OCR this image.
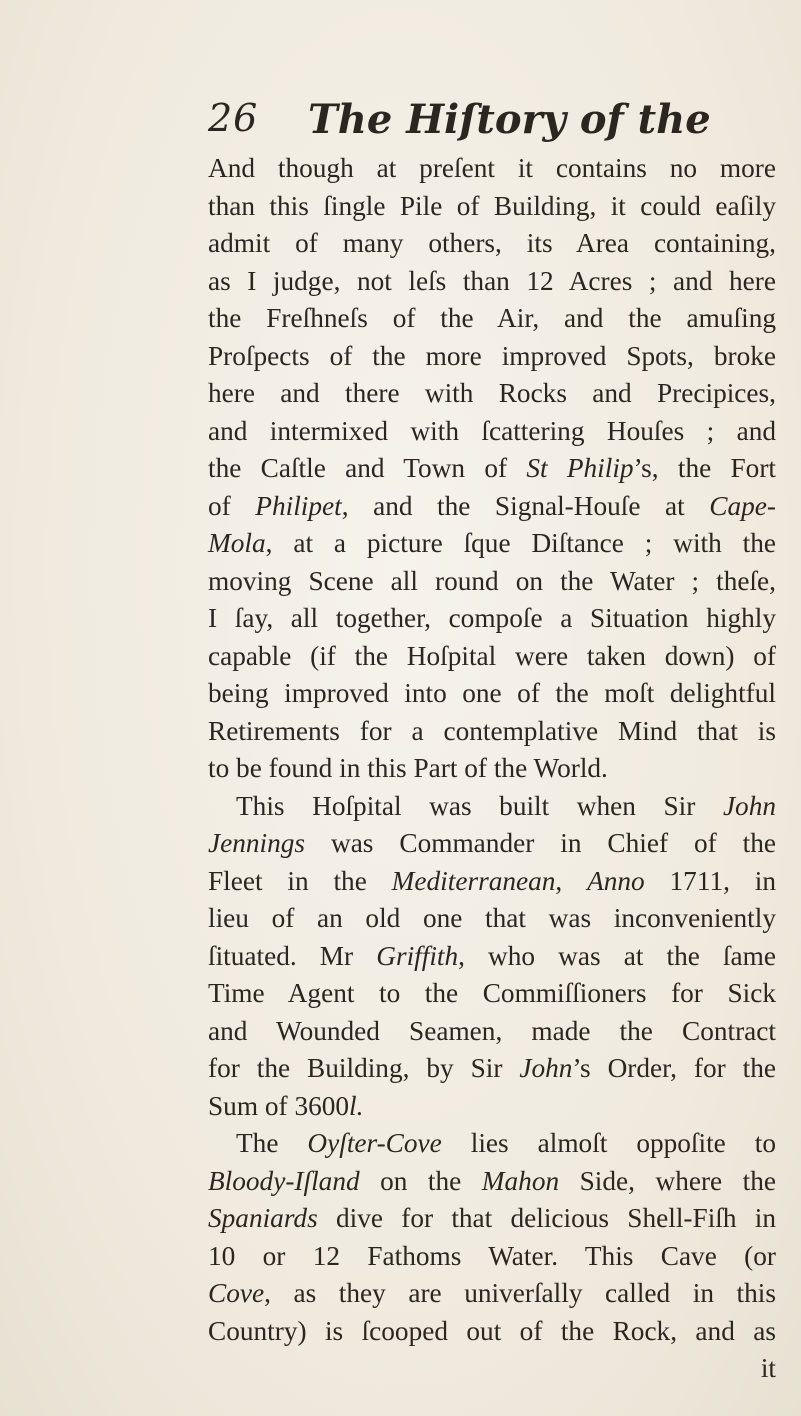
26 The Hiſtory of the
And though at preſent it contains no more
than this ſingle Pile of Building, it could eaſily
admit of many others, its Area containing,
as I judge, not leſs than 12 Acres ; and here
the Freſhneſs of the Air, and the amuſing
Proſpects of the more improved Spots, broke
here and there with Rocks and Precipices,
and intermixed with ſcattering Houſes ; and
the Caſtle and Town of St Philip’s, the Fort
of Philipet, and the Signal-Houſe at Cape-
Mola, at a picture ſque Diſtance ; with the
moving Scene all round on the Water ; theſe,
I ſay, all together, compoſe a Situation highly
capable (if the Hoſpital were taken down) of
being improved into one of the moſt delightful
Retirements for a contemplative Mind that is
to be found in this Part of the World.
This Hoſpital was built when Sir John
Jennings was Commander in Chief of the
Fleet in the Mediterranean, Anno 1711, in
lieu of an old one that was inconveniently
ſituated. Mr Griffith, who was at the ſame
Time Agent to the Commiſſioners for Sick
and Wounded Seamen, made the Contract
for the Building, by Sir John’s Order, for the
Sum of 3600l.
The Oyſter-Cove lies almoſt oppoſite to
Bloody-Iſland on the Mahon Side, where the
Spaniards dive for that delicious Shell-Fiſh in
10 or 12 Fathoms Water. This Cave (or
Cove, as they are univerſally called in this
Country) is ſcooped out of the Rock, and as
it
